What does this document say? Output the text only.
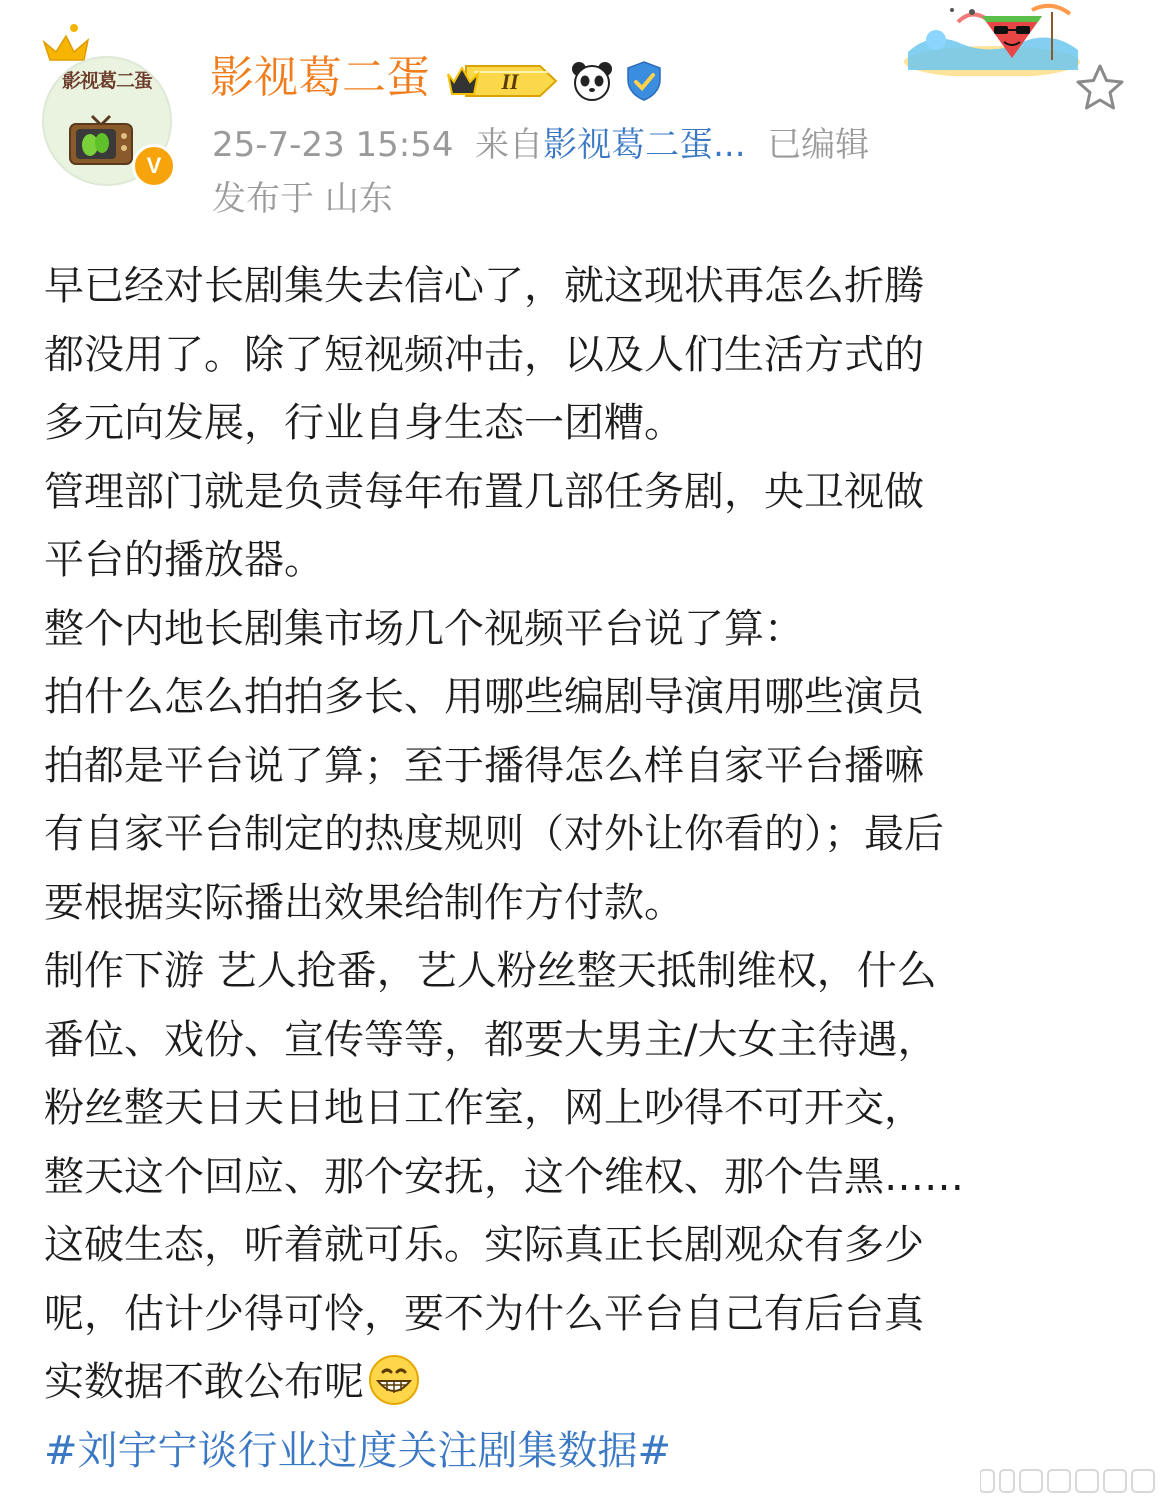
影视葛二蛋
V
影视葛二蛋	II
25-7-23 15:54 来自影视葛二蛋... 已编辑
发布于 山东
早已经对长剧集失去信心了，就这现状再怎么折腾
都没用了。除了短视频冲击，以及人们生活方式的
多元向发展，行业自身生态一团糟。
管理部门就是负责每年布置几部任务剧，央卫视做
平台的播放器。
整个内地长剧集市场几个视频平台说了算：
拍什么怎么拍拍多长、用哪些编剧导演用哪些演员
拍都是平台说了算；至于播得怎么样自家平台播嘛
有自家平台制定的热度规则（对外让你看的）；最后
要根据实际播出效果给制作方付款。
制作下游 艺人抢番，艺人粉丝整天抵制维权，什么
番位、戏份、宣传等等，都要大男主/大女主待遇，
粉丝整天日天日地日工作室，网上吵得不可开交，
整天这个回应、那个安抚，这个维权、那个告黑……
这破生态，听着就可乐。实际真正长剧观众有多少
呢，估计少得可怜，要不为什么平台自己有后台真
实数据不敢公布呢
#刘宇宁谈行业过度关注剧集数据#
